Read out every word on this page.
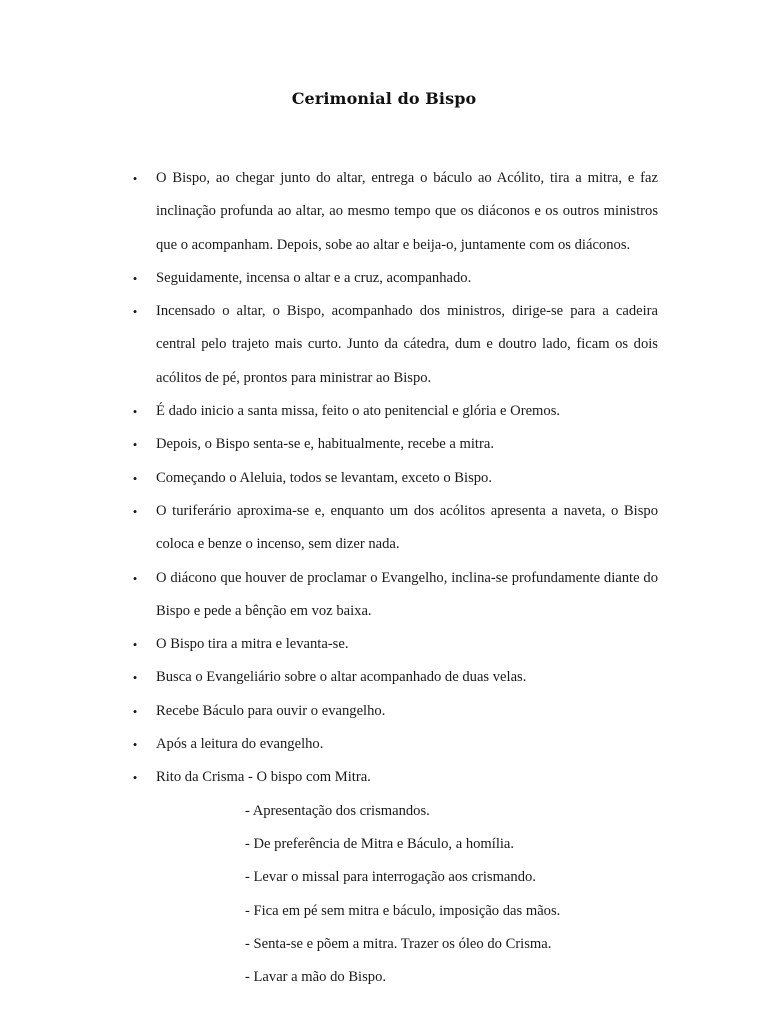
Cerimonial do Bispo
•	O Bispo, ao chegar junto do altar, entrega o báculo ao Acólito, tira a mitra, e faz inclinação profunda ao altar, ao mesmo tempo que os diáconos e os outros ministros que o acompanham. Depois, sobe ao altar e beija-o, juntamente com os diáconos.
•	Seguidamente, incensa o altar e a cruz, acompanhado.
•	Incensado o altar, o Bispo, acompanhado dos ministros, dirige-se para a cadeira central pelo trajeto mais curto. Junto da cátedra, dum e doutro lado, ficam os dois acólitos de pé, prontos para ministrar ao Bispo.
•	É dado inicio a santa missa, feito o ato penitencial e glória e Oremos.
•	Depois, o Bispo senta-se e, habitualmente, recebe a mitra.
•	Começando o Aleluia, todos se levantam, exceto o Bispo.
•	O turiferário aproxima-se e, enquanto um dos acólitos apresenta a naveta, o Bispo coloca e benze o incenso, sem dizer nada.
•	O diácono que houver de proclamar o Evangelho, inclina-se profundamente diante do Bispo e pede a bênção em voz baixa.
•	O Bispo tira a mitra e levanta-se.
•	Busca o Evangeliário sobre o altar acompanhado de duas velas.
•	Recebe Báculo para ouvir o evangelho.
•	Após a leitura do evangelho.
•	Rito da Crisma - O bispo com Mitra.
- Apresentação dos crismandos.
- De preferência de Mitra e Báculo, a homília.
- Levar o missal para interrogação aos crismando.
- Fica em pé sem mitra e báculo, imposição das mãos.
- Senta-se e põem a mitra. Trazer os óleo do Crisma.
- Lavar a mão do Bispo.
